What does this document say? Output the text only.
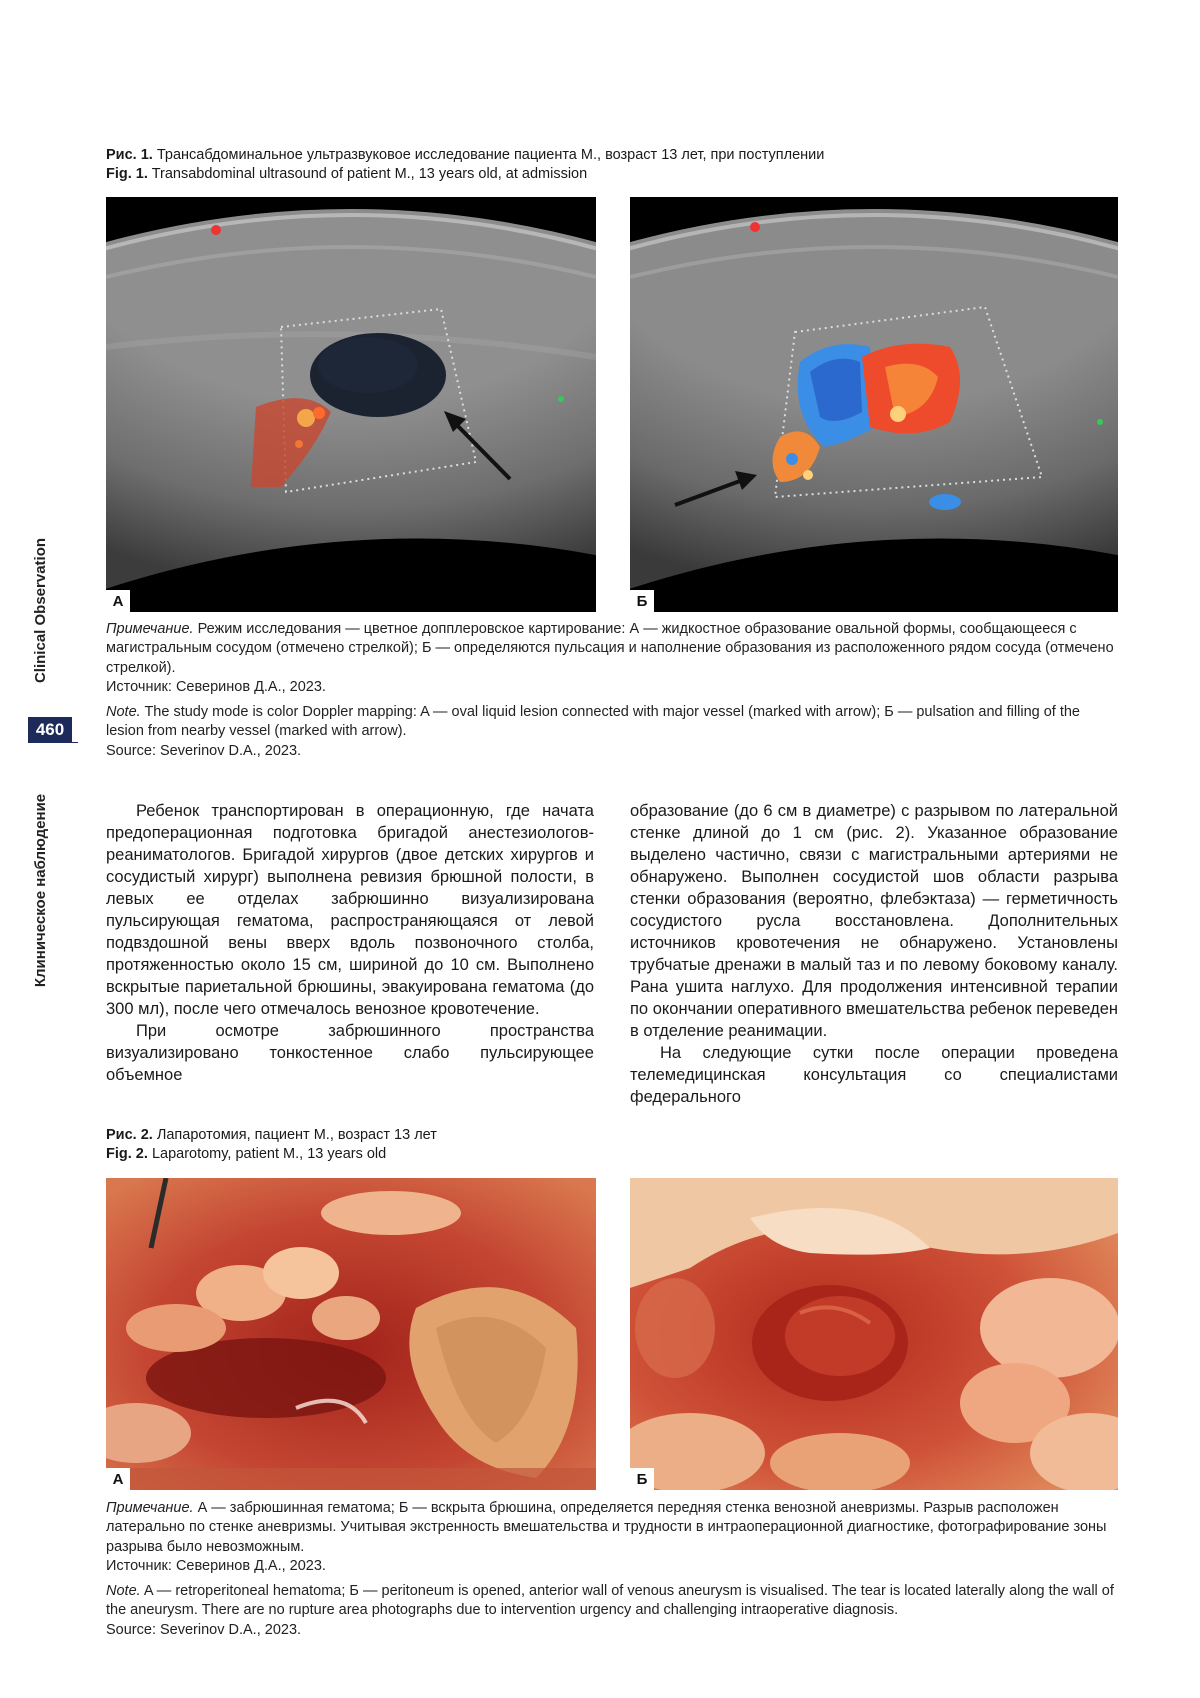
Clinical Observation
460
Клиническое наблюдение
Рис. 1. Трансабдоминальное ультразвуковое исследование пациента М., возраст 13 лет, при поступлении
Fig. 1. Transabdominal ultrasound of patient M., 13 years old, at admission
А	Б

Примечание. Режим исследования — цветное допплеровское картирование: А — жидкостное образование овальной формы, сообщающееся с магистральным сосудом (отмечено стрелкой); Б — определяются пульсация и наполнение образования из расположенного рядом сосуда (отмечено стрелкой).

Источник: Северинов Д.А., 2023.

Note. The study mode is color Doppler mapping: A — oval liquid lesion connected with major vessel (marked with arrow); Б — pulsation and filling of the lesion from nearby vessel (marked with arrow).

Source: Severinov D.A., 2023.

Ребенок транспортирован в операционную, где начата предоперационная подготовка бригадой анестезиологов-реаниматологов. Бригадой хирургов (двое детских хирургов и сосудистый хирург) выполнена ревизия брюшной полости, в левых ее отделах забрюшинно визуализирована пульсирующая гематома, распространяющаяся от левой подвздошной вены вверх вдоль позвоночного столба, протяженностью около 15 см, шириной до 10 см. Выполнено вскрытые париетальной брюшины, эвакуирована гематома (до 300 мл), после чего отмечалось венозное кровотечение.

При осмотре забрюшинного пространства визуализировано тонкостенное слабо пульсирующее объемное

образование (до 6 см в диаметре) с разрывом по латеральной стенке длиной до 1 см (рис. 2). Указанное образование выделено частично, связи с магистральными артериями не обнаружено. Выполнен сосудистой шов области разрыва стенки образования (вероятно, флебэктаза) — герметичность сосудистого русла восстановлена. Дополнительных источников кровотечения не обнаружено. Установлены трубчатые дренажи в малый таз и по левому боковому каналу. Рана ушита наглухо. Для продолжения интенсивной терапии по окончании оперативного вмешательства ребенок переведен в отделение реанимации.

На следующие сутки после операции проведена телемедицинская консультация со специалистами федерального

Рис. 2. Лапаротомия, пациент М., возраст 13 лет
Fig. 2. Laparotomy, patient M., 13 years old
А	Б

Примечание. А — забрюшинная гематома; Б — вскрыта брюшина, определяется передняя стенка венозной аневризмы. Разрыв расположен латерально по стенке аневризмы. Учитывая экстренность вмешательства и трудности в интраоперационной диагностике, фотографирование зоны разрыва было невозможным.

Источник: Северинов Д.А., 2023.

Note. A — retroperitoneal hematoma; Б — peritoneum is opened, anterior wall of venous aneurysm is visualised. The tear is located laterally along the wall of the aneurysm. There are no rupture area photographs due to intervention urgency and challenging intraoperative diagnosis.

Source: Severinov D.A., 2023.
